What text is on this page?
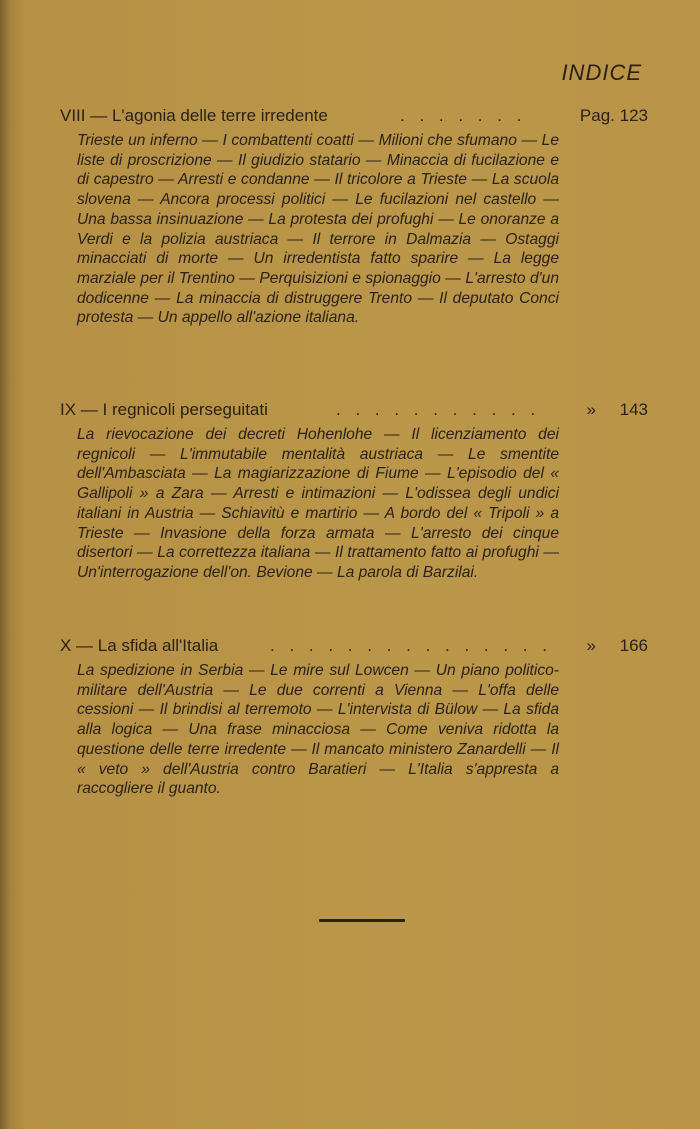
INDICE
VIII — L'agonia delle terre irredente	. . . . . . .	Pag. 123
Trieste un inferno — I combattenti coatti — Milioni che sfumano — Le liste di proscrizione — Il giudizio statario — Minaccia di fucilazione e di capestro — Arresti e condanne — Il tricolore a Trieste — La scuola slovena — Ancora processi politici — Le fucilazioni nel castello — Una bassa insinuazione — La protesta dei profughi — Le onoranze a Verdi e la polizia austriaca — Il terrore in Dalmazia — Ostaggi minacciati di morte — Un irredentista fatto sparire — La legge marziale per il Trentino — Perquisizioni e spionaggio — L'arresto d'un dodicenne — La minaccia di distruggere Trento — Il deputato Conci protesta — Un appello all'azione italiana.
IX — I regnicoli perseguitati	. . . . . . . . . . .	» 143
La rievocazione dei decreti Hohenlohe — Il licenziamento dei regnicoli — L'immutabile mentalità austriaca — Le smentite dell'Ambasciata — La magiarizzazione di Fiume — L'episodio del « Gallipoli » a Zara — Arresti e intimazioni — L'odissea degli undici italiani in Austria — Schiavitù e martirio — A bordo del « Tripoli » a Trieste — Invasione della forza armata — L'arresto dei cinque disertori — La correttezza italiana — Il trattamento fatto ai profughi — Un'interrogazione dell'on. Bevione — La parola di Barzilai.
X — La sfida all'Italia	. . . . . . . . . . . . . . . » 166
La spedizione in Serbia — Le mire sul Lowcen — Un piano politico-militare dell'Austria — Le due correnti a Vienna — L'offa delle cessioni — Il brindisi al terremoto — L'intervista di Bülow — La sfida alla logica — Una frase minacciosa — Come veniva ridotta la questione delle terre irredente — Il mancato ministero Zanardelli — Il « veto » dell'Austria contro Baratieri — L'Italia s'appresta a raccogliere il guanto.
